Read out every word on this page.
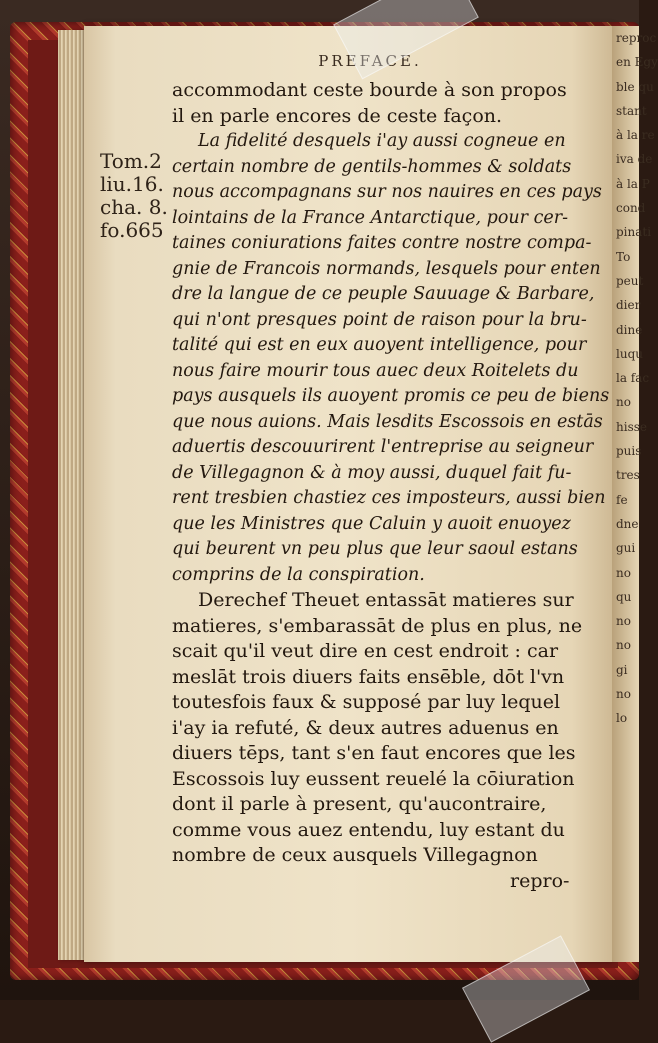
reproc
en Egy
ble qu
stant
à la re
iva de
à la P
cond
pinati
To
peut
dier
dine
luqu
la fac
no
hisse
puis
tres
fe
dne
gui
no
qu
no
no
gi
no
lo
PREFACE.
Tom.2
liu.16.
cha. 8.
fo.665
accommodant ceste bourde à son propos
il en parle encores de ceste façon.
La fidelité desquels i'ay aussi cogneue en
certain nombre de gentils-hommes & soldats
nous accompagnans sur nos nauires en ces pays
lointains de la France Antarctique, pour cer-
taines coniurations faites contre nostre compa-
gnie de Francois normands, lesquels pour enten
dre la langue de ce peuple Sauuage & Barbare,
qui n'ont presques point de raison pour la bru-
talité qui est en eux auoyent intelligence, pour
nous faire mourir tous auec deux Roitelets du
pays ausquels ils auoyent promis ce peu de biens
que nous auions. Mais lesdits Escossois en estās
aduertis descouurirent l'entreprise au seigneur
de Villegagnon & à moy aussi, duquel fait fu-
rent tresbien chastiez ces imposteurs, aussi bien
que les Ministres que Caluin y auoit enuoyez
qui beurent vn peu plus que leur saoul estans
comprins de la conspiration.
Derechef Theuet entassāt matieres sur
matieres, s'embarassāt de plus en plus, ne
scait qu'il veut dire en cest endroit : car
meslāt trois diuers faits ensēble, dōt l'vn
toutesfois faux & supposé par luy lequel
i'ay ia refuté, & deux autres aduenus en
diuers tēps, tant s'en faut encores que les
Escossois luy eussent reuelé la cōiuration
dont il parle à present, qu'aucontraire,
comme vous auez entendu, luy estant du
nombre de ceux ausquels Villegagnon
repro-
